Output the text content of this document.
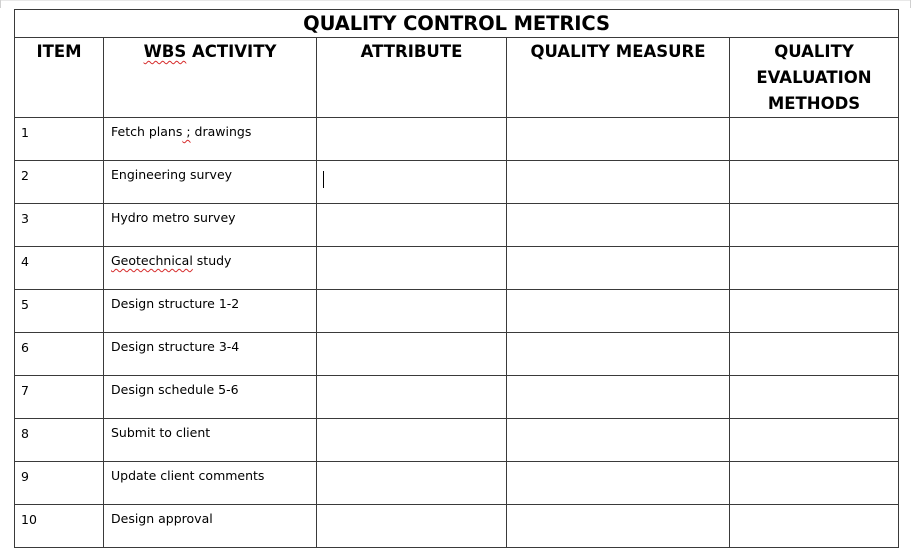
QUALITY CONTROL METRICS				
ITEM	WBS ACTIVITY	ATTRIBUTE	QUALITY MEASURE	QUALITY
EVALUATION
METHODS
1	Fetch plans ; drawings			
2	Engineering survey			
3	Hydro metro survey			
4	Geotechnical study			
5	Design structure 1-2			
6	Design structure 3-4			
7	Design schedule 5-6			
8	Submit to client			
9	Update client comments			
10	Design approval			
